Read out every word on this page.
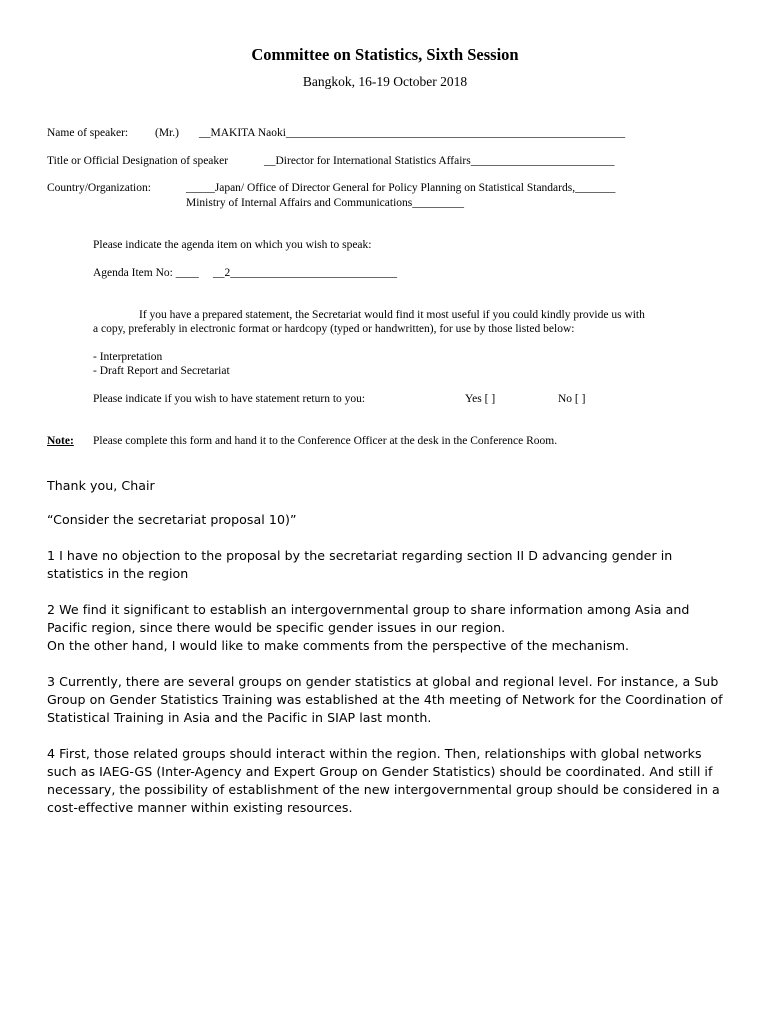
Committee on Statistics, Sixth Session
Bangkok, 16-19 October 2018
Name of speaker: (Mr.) __MAKITA Naoki___________________________________________________________
Title or Official Designation of speaker	__Director for International Statistics Affairs_________________________
Country/Organization:	_____Japan/ Office of Director General for Policy Planning on Statistical Standards,_______
Ministry of Internal Affairs and Communications_________
Please indicate the agenda item on which you wish to speak:
Agenda Item No: ____ __2_____________________________
If you have a prepared statement, the Secretariat would find it most useful if you could kindly provide us with
a copy, preferably in electronic format or hardcopy (typed or handwritten), for use by those listed below:
- Interpretation
- Draft Report and Secretariat
Please indicate if you wish to have statement return to you:	Yes [ ]	No [ ]
Note: Please complete this form and hand it to the Conference Officer at the desk in the Conference Room.

Thank you, Chair

“Consider the secretariat proposal 10)”

1 I have no objection to the proposal by the secretariat regarding section II D advancing gender in statistics in the region

2 We find it significant to establish an intergovernmental group to share information among Asia and Pacific region, since there would be specific gender issues in our region.

On the other hand, I would like to make comments from the perspective of the mechanism.

3 Currently, there are several groups on gender statistics at global and regional level. For instance, a Sub Group on Gender Statistics Training was established at the 4th meeting of Network for the Coordination of Statistical Training in Asia and the Pacific in SIAP last month.

4 First, those related groups should interact within the region. Then, relationships with global networks such as IAEG-GS (Inter-Agency and Expert Group on Gender Statistics) should be coordinated. And still if necessary, the possibility of establishment of the new intergovernmental group should be considered in a cost-effective manner within existing resources.
